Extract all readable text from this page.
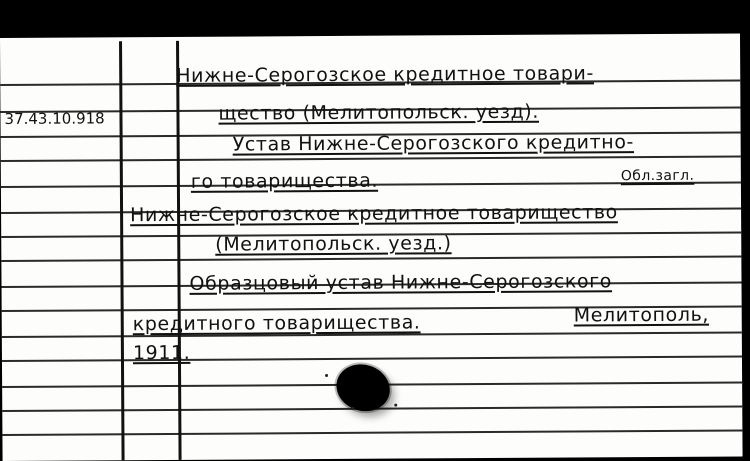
37.43.10.918
Нижне-Серогозское кредитное товари-
щество (Мелитопольск. уезд).
Устав Нижне-Серогозского кредитно-
го товарищества.	Обл.загл.
Нижне-Серогозское кредитное товарищество
(Мелитопольск. уезд.)
Образцовый устав Нижне-Серогозского
кредитного товарищества.	Мелитополь,
1911.
